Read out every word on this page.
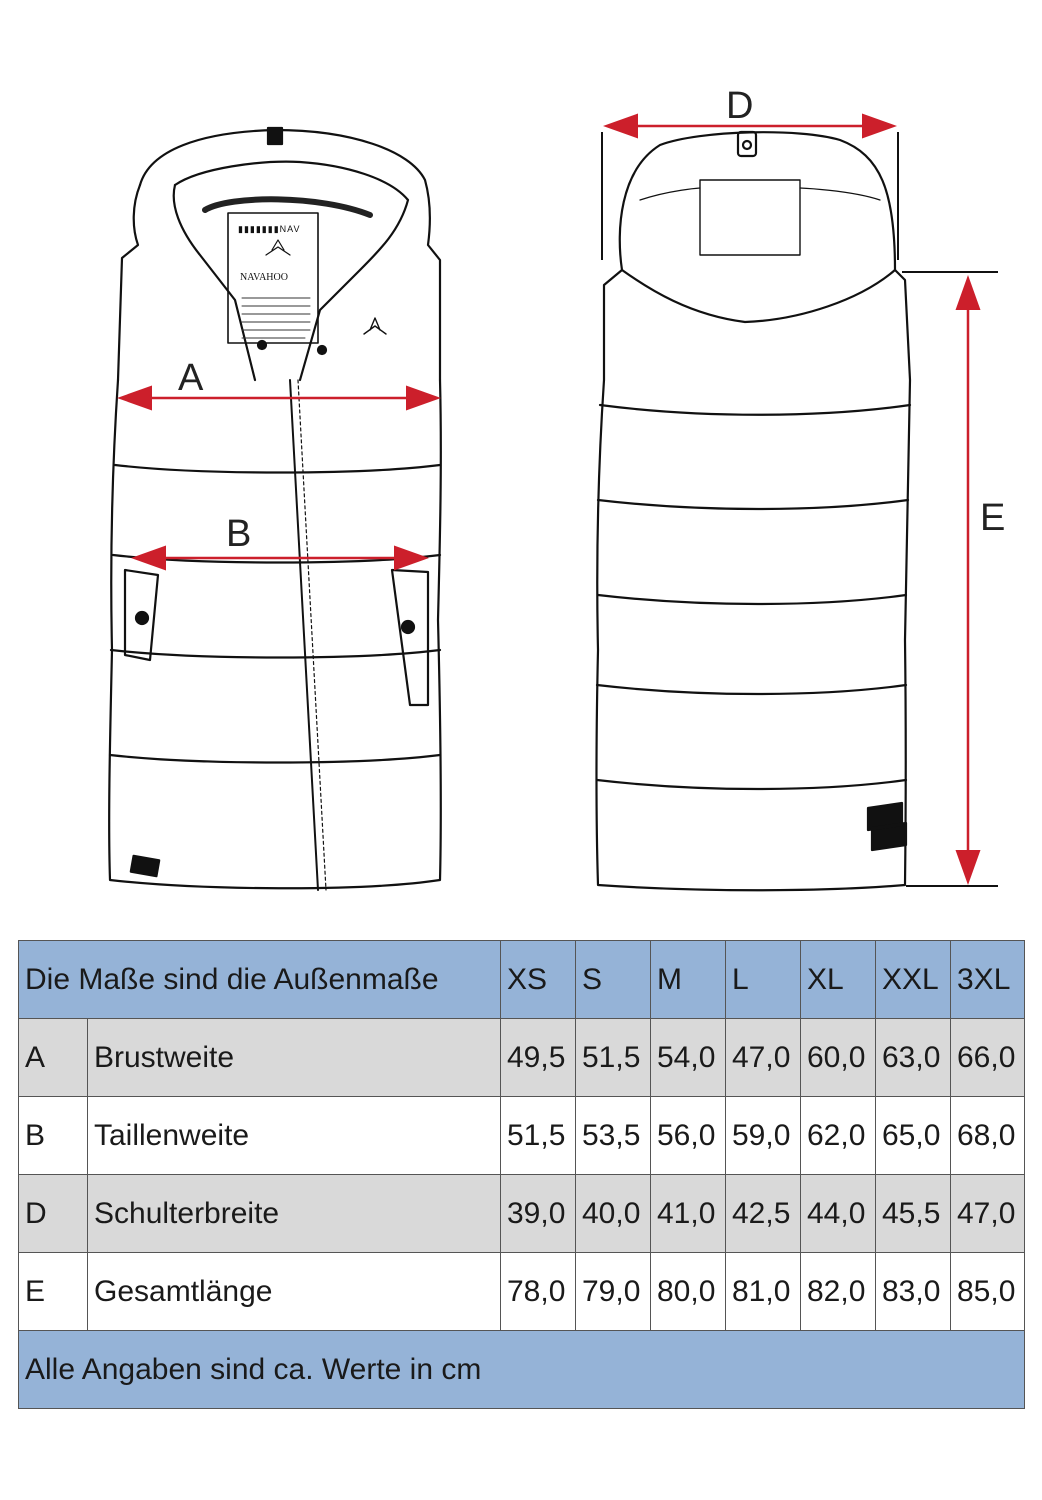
▮▮▮▮▮▮▮NAV
NAVAHOO
A
B
D
E
Die Maße sind die Außenmaße		XS	S	M	L	XL	XXL	3XL
A	Brustweite	49,5	51,5	54,0	47,0	60,0	63,0	66,0
B	Taillenweite	51,5	53,5	56,0	59,0	62,0	65,0	68,0
D	Schulterbreite	39,0	40,0	41,0	42,5	44,0	45,5	47,0
E	Gesamtlänge	78,0	79,0	80,0	81,0	82,0	83,0	85,0
Alle Angaben sind ca. Werte in cm								
